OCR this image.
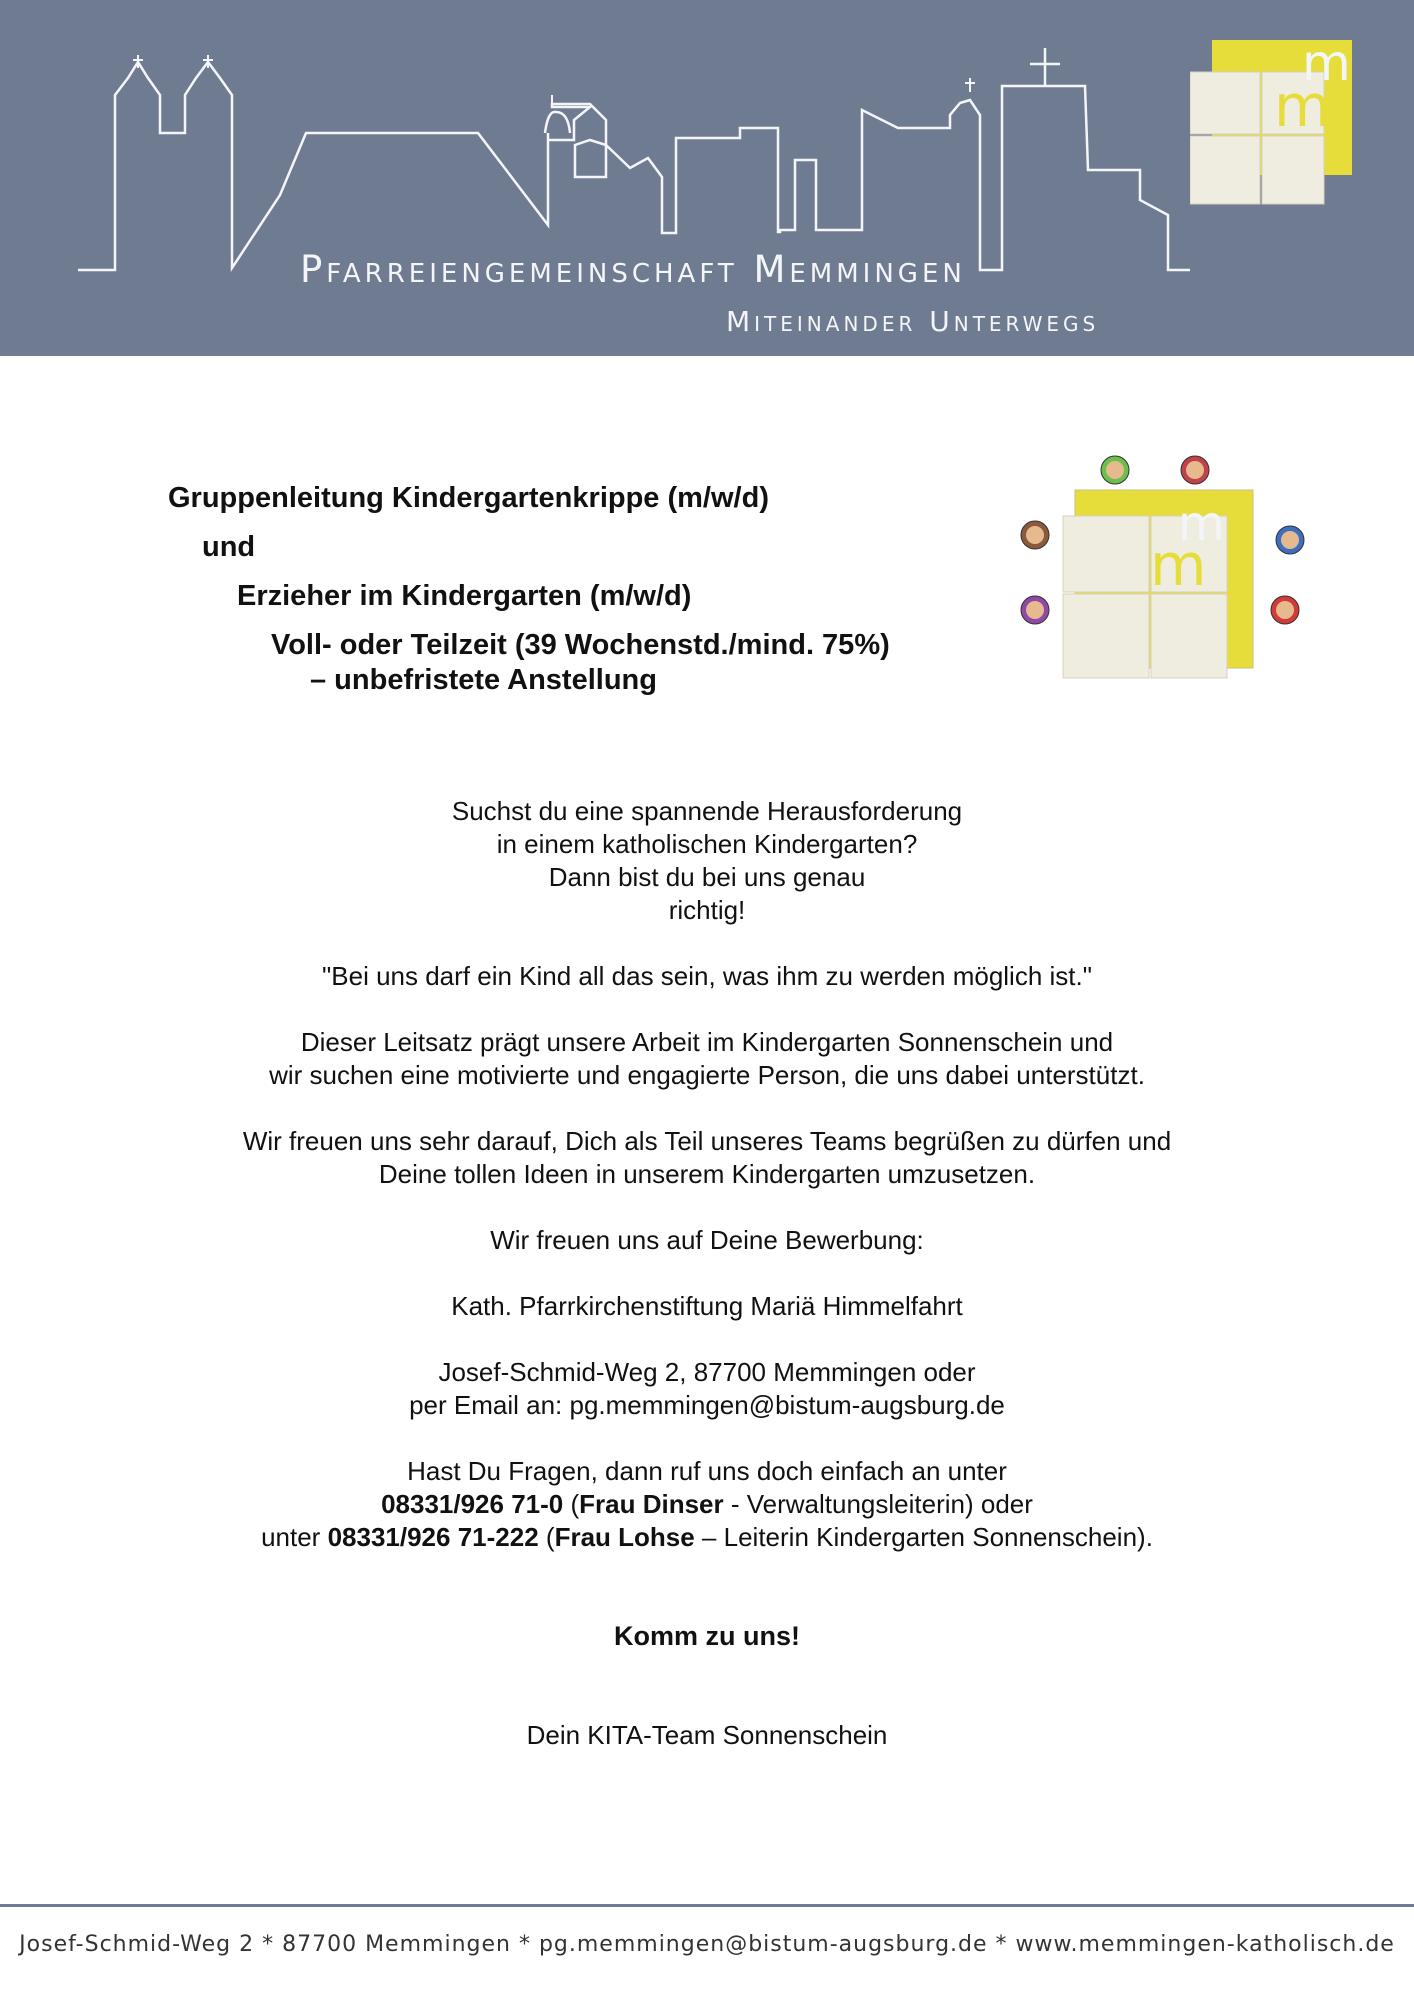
Pfarreiengemeinschaft Memmingen
Miteinander Unterwegs
m
m
m
m
Gruppenleitung Kindergartenkrippe (m/w/d)
und
Erzieher im Kindergarten (m/w/d)
Voll- oder Teilzeit (39 Wochenstd./mind. 75%)
– unbefristete Anstellung

Suchst du eine spannende Herausforderung
in einem katholischen Kindergarten?
Dann bist du bei uns genau
richtig!

"Bei uns darf ein Kind all das sein, was ihm zu werden möglich ist."

Dieser Leitsatz prägt unsere Arbeit im Kindergarten Sonnenschein und
wir suchen eine motivierte und engagierte Person, die uns dabei unterstützt.

Wir freuen uns sehr darauf, Dich als Teil unseres Teams begrüßen zu dürfen und
Deine tollen Ideen in unserem Kindergarten umzusetzen.

Wir freuen uns auf Deine Bewerbung:

Kath. Pfarrkirchenstiftung Mariä Himmelfahrt

Josef-Schmid-Weg 2, 87700 Memmingen oder
per Email an: pg.memmingen@bistum-augsburg.de

Hast Du Fragen, dann ruf uns doch einfach an unter
08331/926 71-0 (Frau Dinser - Verwaltungsleiterin) oder
unter 08331/926 71-222 (Frau Lohse – Leiterin Kindergarten Sonnenschein).

Komm zu uns!

Dein KITA-Team Sonnenschein

Josef-Schmid-Weg 2 * 87700 Memmingen * pg.memmingen@bistum-augsburg.de * www.memmingen-katholisch.de
